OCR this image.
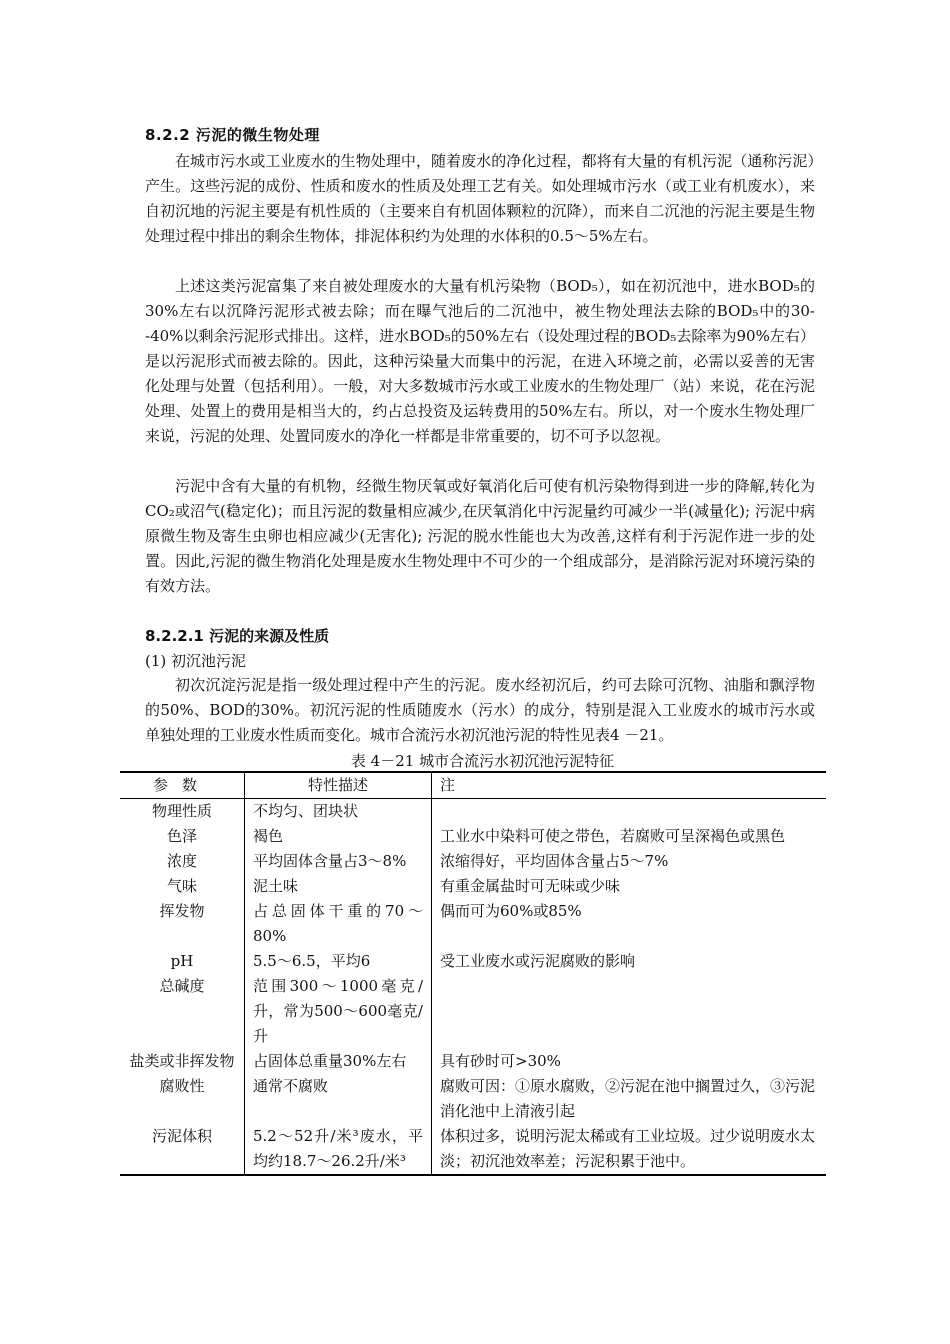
8.2.2 污泥的微生物处理

在城市污水或工业废水的生物处理中，随着废水的净化过程，都将有大量的有机污泥（通称污泥）产生。这些污泥的成份、性质和废水的性质及处理工艺有关。如处理城市污水（或工业有机废水），来自初沉地的污泥主要是有机性质的（主要来自有机固体颗粒的沉降），而来自二沉池的污泥主要是生物处理过程中排出的剩余生物体，排泥体积约为处理的水体积的0.5～5%左右。

上述这类污泥富集了来自被处理废水的大量有机污染物（BOD₅），如在初沉池中，进水BOD₅的30%左右以沉降污泥形式被去除；而在曝气池后的二沉池中，被生物处理法去除的BOD₅中的30--40%以剩余污泥形式排出。这样，进水BOD₅的50%左右（设处理过程的BOD₅去除率为90%左右）是以污泥形式而被去除的。因此，这种污染量大而集中的污泥，在进入环境之前，必需以妥善的无害化处理与处置（包括利用）。一般，对大多数城市污水或工业废水的生物处理厂（站）来说，花在污泥处理、处置上的费用是相当大的，约占总投资及运转费用的50%左右。所以，对一个废水生物处理厂来说，污泥的处理、处置同废水的净化一样都是非常重要的，切不可予以忽视。

污泥中含有大量的有机物，经微生物厌氧或好氧消化后可使有机污染物得到进一步的降解,转化为CO₂或沼气(稳定化)；而且污泥的数量相应减少,在厌氧消化中污泥量约可减少一半(减量化); 污泥中病原微生物及寄生虫卵也相应减少(无害化); 污泥的脱水性能也大为改善,这样有利于污泥作进一步的处置。因此,污泥的微生物消化处理是废水生物处理中不可少的一个组成部分，是消除污泥对环境污染的有效方法。

8.2.2.1 污泥的来源及性质
(1) 初沉池污泥

初次沉淀污泥是指一级处理过程中产生的污泥。废水经初沉后，约可去除可沉物、油脂和飘浮物的50%、BOD的30%。初沉污泥的性质随废水（污水）的成分，特别是混入工业废水的城市污水或单独处理的工业废水性质而变化。城市合流污水初沉池污泥的特性见表4 －21。

表 4－21 城市合流污水初沉池污泥特征
参数	特性描述	注
物理性质	不均匀、团块状	
色泽	褐色	工业水中染料可使之带色，若腐败可呈深褐色或黑色
浓度	平均固体含量占3～8%	浓缩得好，平均固体含量占5～7%
气味	泥土味	有重金属盐时可无味或少味
挥发物	占总固体干重的70～80%	偶而可为60%或85%
pH	5.5～6.5，平均6	受工业废水或污泥腐败的影响
总碱度	范围300～1000毫克/升，常为500～600毫克/升	
盐类或非挥发物	占固体总重量30%左右	具有砂时可>30%
腐败性	通常不腐败	腐败可因：①原水腐败，②污泥在池中搁置过久，③污泥消化池中上清液引起
污泥体积	5.2～52升/米³废水，平均约18.7～26.2升/米³	体积过多，说明污泥太稀或有工业垃圾。过少说明废水太淡；初沉池效率差；污泥积累于池中。
